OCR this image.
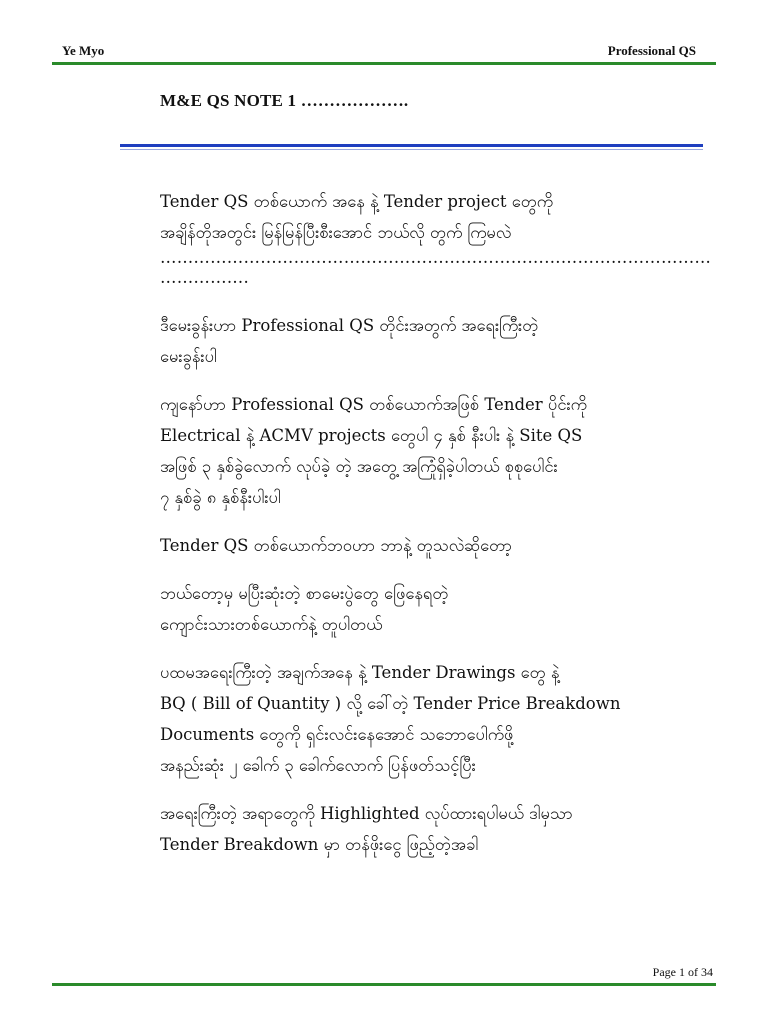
Ye Myo	Professional QS
M&E QS NOTE 1 ……………….
Tender QS တစ်ယောက် အနေ နဲ့ Tender project တွေကို
အချိန်တိုအတွင်း မြန်မြန်ပြီးစီးအောင် ဘယ်လို တွက် ကြမလဲ
………………………………………………………………………………………
…………….
ဒီမေးခွန်းဟာ Professional QS တိုင်းအတွက် အရေးကြီးတဲ့
မေးခွန်းပါ
ကျနော်ဟာ Professional QS တစ်ယောက်အဖြစ် Tender ပိုင်းကို
Electrical နဲ့ ACMV projects တွေပါ ၄ နှစ် နီးပါး နဲ့ Site QS
အဖြစ် ၃ နှစ်ခွဲလောက် လုပ်ခဲ့ တဲ့ အတွေ့ အကြုံရှိခဲ့ပါတယ် စုစုပေါင်း
၇ နှစ်ခွဲ ၈ နှစ်နီးပါးပါ
Tender QS တစ်ယောက်ဘဝဟာ ဘာနဲ့ တူသလဲဆိုတော့
ဘယ်တော့မှ မပြီးဆုံးတဲ့ စာမေးပွဲတွေ ဖြေနေရတဲ့
ကျောင်းသားတစ်ယောက်နဲ့ တူပါတယ်
ပထမအရေးကြီးတဲ့ အချက်အနေ နဲ့ Tender Drawings တွေ နဲ့
BQ ( Bill of Quantity ) လို့ ခေါ်တဲ့ Tender Price Breakdown
Documents တွေကို ရှင်းလင်းနေအောင် သဘောပေါက်ဖို့
အနည်းဆုံး ၂ ခေါက် ၃ ခေါက်လောက် ပြန်ဖတ်သင့်ပြီး
အရေးကြီးတဲ့ အရာတွေကို Highlighted လုပ်ထားရပါမယ် ဒါမှသာ
Tender Breakdown မှာ တန်ဖိုးငွေ ဖြည့်တဲ့အခါ
Page 1 of 34
